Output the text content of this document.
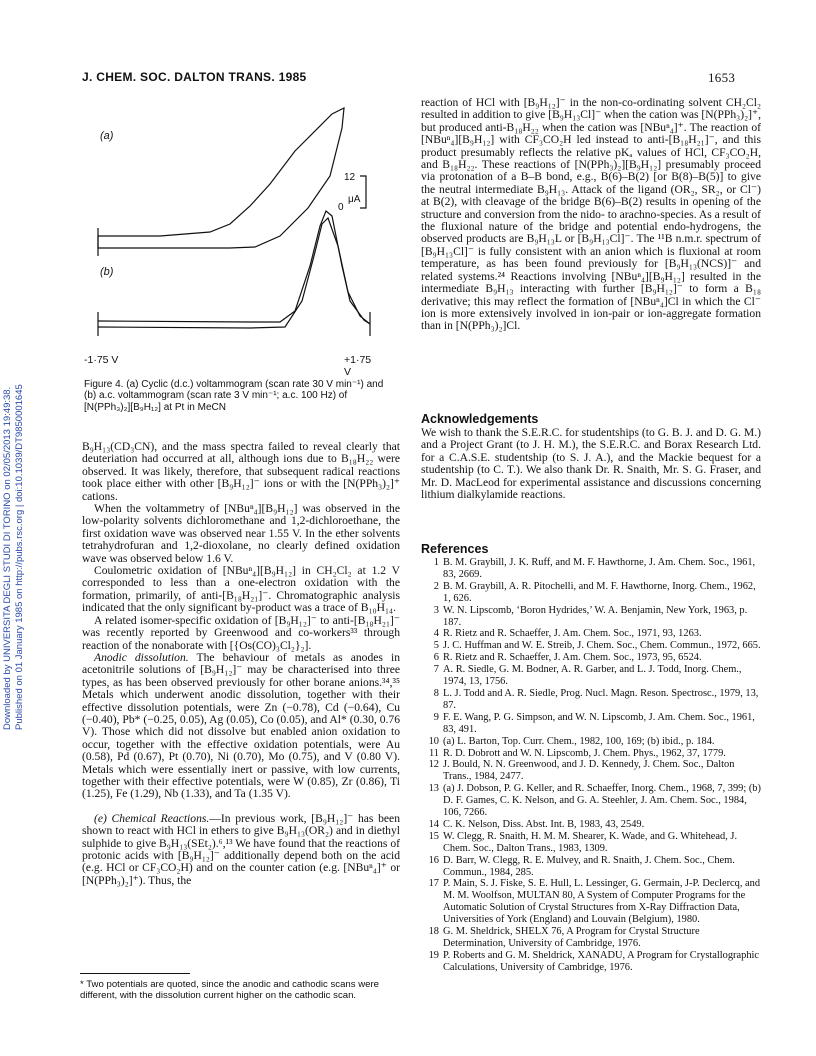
Downloaded by UNIVERSITA DEGLI STUDI DI TORINO on 02/05/2013 19:49:38. Published on 01 January 1985 on http://pubs.rsc.org | doi:10.1039/DT9850001645
J. CHEM. SOC. DALTON TRANS. 1985	1653
(a)
(b)
12
0
μA
-1·75 V	+1·75 V
Figure 4. (a) Cyclic (d.c.) voltammogram (scan rate 30 V min⁻¹) and (b) a.c. voltammogram (scan rate 3 V min⁻¹; a.c. 100 Hz) of [N(PPh₃)₂][B₉H₁₂] at Pt in MeCN

B₉H₁₃(CD₃CN), and the mass spectra failed to reveal clearly that deuteriation had occurred at all, although ions due to B₁₈H₂₂ were observed. It was likely, therefore, that subsequent radical reactions took place either with other [B₉H₁₂]⁻ ions or with the [N(PPh₃)₂]⁺ cations.

When the voltammetry of [NBuⁿ₄][B₉H₁₂] was observed in the low-polarity solvents dichloromethane and 1,2-dichloroethane, the first oxidation wave was observed near 1.55 V. In the ether solvents tetrahydrofuran and 1,2-dioxolane, no clearly defined oxidation wave was observed below 1.6 V.

Coulometric oxidation of [NBuⁿ₄][B₉H₁₂] in CH₂Cl₂ at 1.2 V corresponded to less than a one-electron oxidation with the formation, primarily, of anti-[B₁₈H₂₁]⁻. Chromatographic analysis indicated that the only significant by-product was a trace of B₁₀H₁₄.

A related isomer-specific oxidation of [B₉H₁₂]⁻ to anti-[B₁₈H₂₁]⁻ was recently reported by Greenwood and co-workers³³ through reaction of the nonaborate with [{Os(CO)₃Cl₂}₂].

Anodic dissolution. The behaviour of metals as anodes in acetonitrile solutions of [B₉H₁₂]⁻ may be characterised into three types, as has been observed previously for other borane anions.³⁴,³⁵ Metals which underwent anodic dissolution, together with their effective dissolution potentials, were Zn (−0.78), Cd (−0.64), Cu (−0.40), Pb* (−0.25, 0.05), Ag (0.05), Co (0.05), and Al* (0.30, 0.76 V). Those which did not dissolve but enabled anion oxidation to occur, together with the effective oxidation potentials, were Au (0.58), Pd (0.67), Pt (0.70), Ni (0.70), Mo (0.75), and V (0.80 V). Metals which were essentially inert or passive, with low currents, together with their effective potentials, were W (0.85), Zr (0.86), Ti (1.25), Fe (1.29), Nb (1.33), and Ta (1.35 V).

(e) Chemical Reactions.—In previous work, [B₉H₁₂]⁻ has been shown to react with HCl in ethers to give B₉H₁₃(OR₂) and in diethyl sulphide to give B₉H₁₃(SEt₂).⁶,¹³ We have found that the reactions of protonic acids with [B₉H₁₂]⁻ additionally depend both on the acid (e.g. HCl or CF₃CO₂H) and on the counter cation (e.g. [NBuⁿ₄]⁺ or [N(PPh₃)₂]⁺). Thus, the

* Two potentials are quoted, since the anodic and cathodic scans were different, with the dissolution current higher on the cathodic scan.

reaction of HCl with [B₉H₁₂]⁻ in the non-co-ordinating solvent CH₂Cl₂ resulted in addition to give [B₉H₁₃Cl]⁻ when the cation was [N(PPh₃)₂]⁺, but produced anti-B₁₈H₂₂ when the cation was [NBuⁿ₄]⁺. The reaction of [NBuⁿ₄][B₉H₁₂] with CF₃CO₂H led instead to anti-[B₁₈H₂₁]⁻, and this product presumably reflects the relative pKₐ values of HCl, CF₃CO₂H, and B₁₈H₂₂. These reactions of [N(PPh₃)₂][B₉H₁₂] presumably proceed via protonation of a B–B bond, e.g., B(6)–B(2) [or B(8)–B(5)] to give the neutral intermediate B₉H₁₃. Attack of the ligand (OR₂, SR₂, or Cl⁻) at B(2), with cleavage of the bridge B(6)–B(2) results in opening of the structure and conversion from the nido- to arachno-species. As a result of the fluxional nature of the bridge and potential endo-hydrogens, the observed products are B₉H₁₃L or [B₉H₁₃Cl]⁻. The ¹¹B n.m.r. spectrum of [B₉H₁₃Cl]⁻ is fully consistent with an anion which is fluxional at room temperature, as has been found previously for [B₉H₁₃(NCS)]⁻ and related systems.²⁴ Reactions involving [NBuⁿ₄][B₉H₁₂] resulted in the intermediate B₉H₁₃ interacting with further [B₉H₁₂]⁻ to form a B₁₈ derivative; this may reflect the formation of [NBuⁿ₄]Cl in which the Cl⁻ ion is more extensively involved in ion-pair or ion-aggregate formation than in [N(PPh₃)₂]Cl.

Acknowledgements
We wish to thank the S.E.R.C. for studentships (to G. B. J. and D. G. M.) and a Project Grant (to J. H. M.), the S.E.R.C. and Borax Research Ltd. for a C.A.S.E. studentship (to S. J. A.), and the Mackie bequest for a studentship (to C. T.). We also thank Dr. R. Snaith, Mr. S. G. Fraser, and Mr. D. MacLeod for experimental assistance and discussions concerning lithium dialkylamide reactions.
References
1 B. M. Graybill, J. K. Ruff, and M. F. Hawthorne, J. Am. Chem. Soc., 1961, 83, 2669.
2 B. M. Graybill, A. R. Pitochelli, and M. F. Hawthorne, Inorg. Chem., 1962, 1, 626.
3 W. N. Lipscomb, ‘Boron Hydrides,’ W. A. Benjamin, New York, 1963, p. 187.
4 R. Rietz and R. Schaeffer, J. Am. Chem. Soc., 1971, 93, 1263.
5 J. C. Huffman and W. E. Streib, J. Chem. Soc., Chem. Commun., 1972, 665.
6 R. Rietz and R. Schaeffer, J. Am. Chem. Soc., 1973, 95, 6524.
7 A. R. Siedle, G. M. Bodner, A. R. Garber, and L. J. Todd, Inorg. Chem., 1974, 13, 1756.
8 L. J. Todd and A. R. Siedle, Prog. Nucl. Magn. Reson. Spectrosc., 1979, 13, 87.
9 F. E. Wang, P. G. Simpson, and W. N. Lipscomb, J. Am. Chem. Soc., 1961, 83, 491.
10 (a) L. Barton, Top. Curr. Chem., 1982, 100, 169; (b) ibid., p. 184.
11 R. D. Dobrott and W. N. Lipscomb, J. Chem. Phys., 1962, 37, 1779.
12 J. Bould, N. N. Greenwood, and J. D. Kennedy, J. Chem. Soc., Dalton Trans., 1984, 2477.
13 (a) J. Dobson, P. G. Keller, and R. Schaeffer, Inorg. Chem., 1968, 7, 399; (b) D. F. Games, C. K. Nelson, and G. A. Steehler, J. Am. Chem. Soc., 1984, 106, 7266.
14 C. K. Nelson, Diss. Abst. Int. B, 1983, 43, 2549.
15 W. Clegg, R. Snaith, H. M. M. Shearer, K. Wade, and G. Whitehead, J. Chem. Soc., Dalton Trans., 1983, 1309.
16 D. Barr, W. Clegg, R. E. Mulvey, and R. Snaith, J. Chem. Soc., Chem. Commun., 1984, 285.
17 P. Main, S. J. Fiske, S. E. Hull, L. Lessinger, G. Germain, J-P. Declercq, and M. M. Woolfson, MULTAN 80, A System of Computer Programs for the Automatic Solution of Crystal Structures from X-Ray Diffraction Data, Universities of York (England) and Louvain (Belgium), 1980.
18 G. M. Sheldrick, SHELX 76, A Program for Crystal Structure Determination, University of Cambridge, 1976.
19 P. Roberts and G. M. Sheldrick, XANADU, A Program for Crystallographic Calculations, University of Cambridge, 1976.
